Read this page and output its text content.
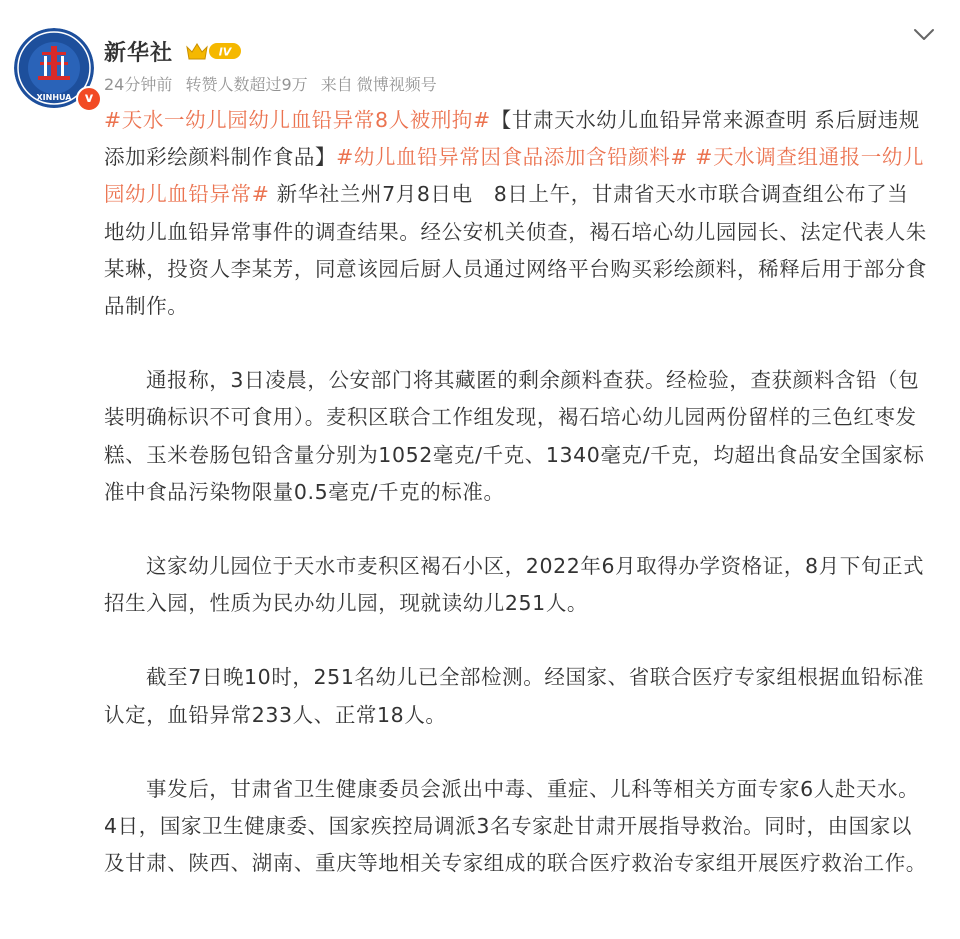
XINHUA	v
新华社	IV
24分钟前 转赞人数超过9万 来自 微博视频号

#天水一幼儿园幼儿血铅异常8人被刑拘#【甘肃天水幼儿血铅异常来源查明 系后厨违规添加彩绘颜料制作食品】#幼儿血铅异常因食品添加含铅颜料# #天水调查组通报一幼儿园幼儿血铅异常# 新华社兰州7月8日电　8日上午，甘肃省天水市联合调查组公布了当地幼儿血铅异常事件的调查结果。经公安机关侦查，褐石培心幼儿园园长、法定代表人朱某琳，投资人李某芳，同意该园后厨人员通过网络平台购买彩绘颜料，稀释后用于部分食品制作。

通报称，3日凌晨，公安部门将其藏匿的剩余颜料查获。经检验，查获颜料含铅（包装明确标识不可食用）。麦积区联合工作组发现，褐石培心幼儿园两份留样的三色红枣发糕、玉米卷肠包铅含量分别为1052毫克/千克、1340毫克/千克，均超出食品安全国家标准中食品污染物限量0.5毫克/千克的标准。

这家幼儿园位于天水市麦积区褐石小区，2022年6月取得办学资格证，8月下旬正式招生入园，性质为民办幼儿园，现就读幼儿251人。

截至7日晚10时，251名幼儿已全部检测。经国家、省联合医疗专家组根据血铅标准认定，血铅异常233人、正常18人。

事发后，甘肃省卫生健康委员会派出中毒、重症、儿科等相关方面专家6人赴天水。4日，国家卫生健康委、国家疾控局调派3名专家赴甘肃开展指导救治。同时，由国家以及甘肃、陕西、湖南、重庆等地相关专家组成的联合医疗救治专家组开展医疗救治工作。
